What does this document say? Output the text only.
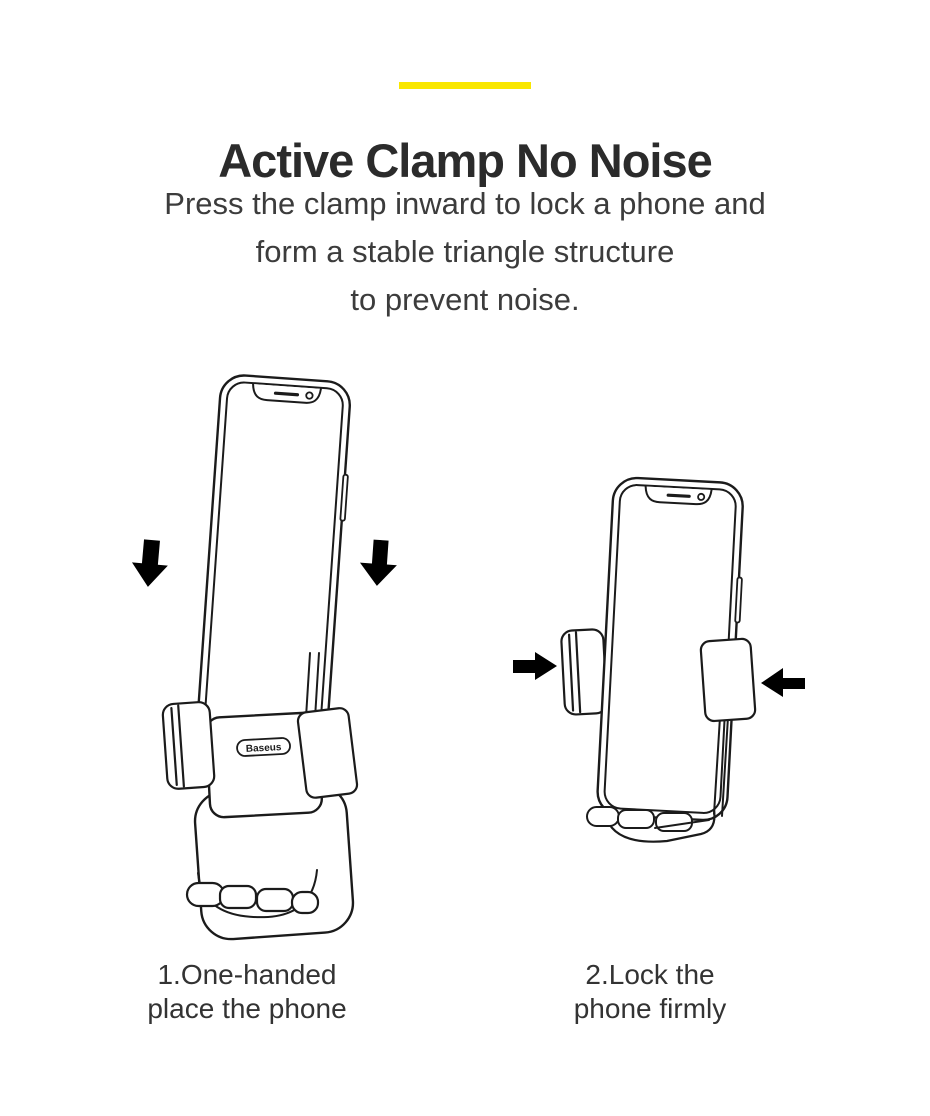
Active Clamp No Noise
Press the clamp inward to lock a phone and
form a stable triangle structure
to prevent noise.
Baseus
1.One-handed
place the phone
2.Lock the
phone firmly
